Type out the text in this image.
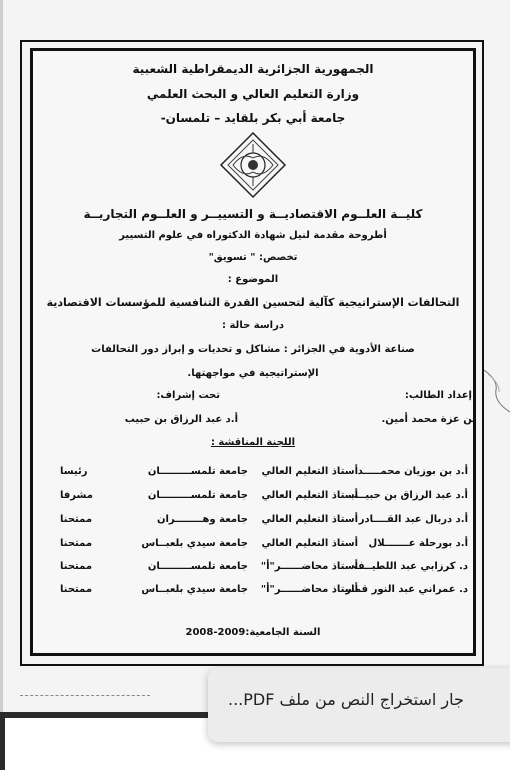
الجمهورية الجزائرية الديمقراطية الشعبية
وزارة التعليم العالي و البحث العلمي
جامعة أبي بكر بلقايد – تلمسان-
كليــة العلــوم الاقتصاديــة و التسييــر و العلــوم التجاريــة
أطروحة مقدمة لنيل شهادة الدكتوراه في علوم التسيير
تخصص: " تسويق"
الموضوع :
التحالفات الإستراتيجية كآلية لتحسين القدرة التنافسية للمؤسسات الاقتصادية
دراسة حالة :
صناعة الأدوية في الجزائر : مشاكل و تحديات و إبراز دور التحالفات
الإستراتيجية في مواجهتها.
إعداد الطالب:
تحت إشراف:
بن عزة محمد أمين.
أ.د عبد الرزاق بن حبيب
اللجنة المناقشة :
أ.د بن بوزيان محمـــــد
أستاذ التعليم العالي
جامعة تلمســـــــــان
رئيسا
أ.د عبد الرزاق بن حبيــب
أستاذ التعليم العالي
جامعة تلمســـــــــان
مشرفا
أ.د دربال عبد القــــادر
أستاذ التعليم العالي
جامعة وهــــــــران
ممتحنا
أ.د بورحلة عـــــــلال
أستاذ التعليم العالي
جامعة سيدي بلعبــاس
ممتحنا
د. كرزابي عبد اللطيــف
أستاذ محاضــــــر"أ"
جامعة تلمســـــــــان
ممتحنا
د. عمراني عبد النور قمار
أستاذ محاضــــــر"أ"
جامعة سيدي بلعبــاس
ممتحنا
السنة الجامعية:2009-2008
جارٍ استخراج النص من ملف PDF...
